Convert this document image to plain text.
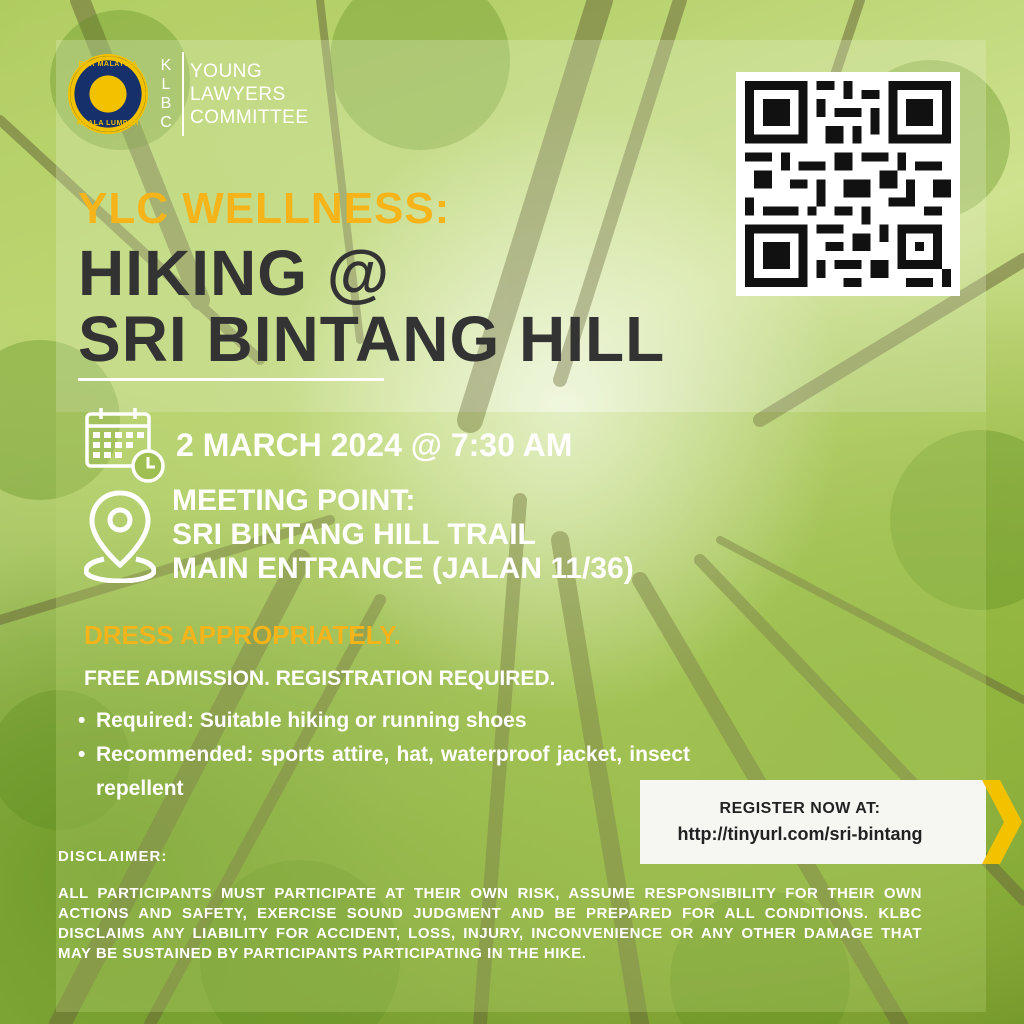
BAR MALAYSIA
KUALA LUMPUR
K
L
B
C
YOUNG
LAWYERS
COMMITTEE
YLC WELLNESS:
HIKING @
SRI BINTANG HILL
2 MARCH 2024 @ 7:30 AM
MEETING POINT:
SRI BINTANG HILL TRAIL
MAIN ENTRANCE (JALAN 11/36)
DRESS APPROPRIATELY.
FREE ADMISSION. REGISTRATION REQUIRED.
• Required: Suitable hiking or running shoes
• Recommended: sports attire, hat, waterproof jacket, insect repellent
REGISTER NOW AT:
http://tinyurl.com/sri-bintang
DISCLAIMER:
ALL PARTICIPANTS MUST PARTICIPATE AT THEIR OWN RISK, ASSUME RESPONSIBILITY FOR THEIR OWN ACTIONS AND SAFETY, EXERCISE SOUND JUDGMENT AND BE PREPARED FOR ALL CONDITIONS. KLBC DISCLAIMS ANY LIABILITY FOR ACCIDENT, LOSS, INJURY, INCONVENIENCE OR ANY OTHER DAMAGE THAT MAY BE SUSTAINED BY PARTICIPANTS PARTICIPATING IN THE HIKE.
